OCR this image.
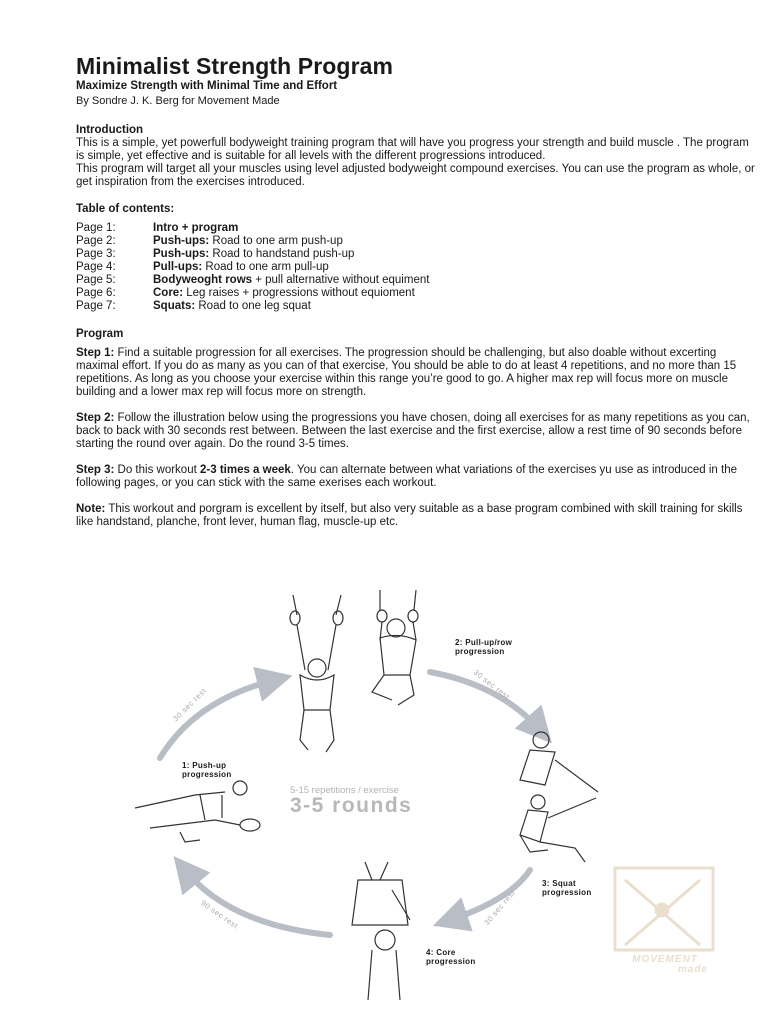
Minimalist Strength Program
Maximize Strength with Minimal Time and Effort
By Sondre J. K. Berg for Movement Made
Introduction

This is a simple, yet powerfull bodyweight training program that will have you progress your strength and build muscle . The program is simple, yet effective and is suitable for all levels with the different progressions introduced.

This program will target all your muscles using level adjusted bodyweight compound exercises. You can use the program as whole, or get inspiration from the exercises introduced.

Table of contents:
Page 1:	Intro + program
Page 2:	Push-ups: Road to one arm push-up
Page 3:	Push-ups: Road to handstand push-up
Page 4:	Pull-ups: Road to one arm pull-up
Page 5:	Bodyweoght rows + pull alternative without equiment
Page 6:	Core: Leg raises + progressions without equioment
Page 7:	Squats: Road to one leg squat
Program

Step 1: Find a suitable progression for all exercises. The progression should be challenging, but also doable without excerting maximal effort. If you do as many as you can of that exercise, You should be able to do at least 4 repetitions, and no more than 15 repetitions. As long as you choose your exercise within this range you’re good to go. A higher max rep will focus more on muscle building and a lower max rep will focus more on strength.

Step 2: Follow the illustration below using the progressions you have chosen, doing all exercises for as many repetitions as you can, back to back with 30 seconds rest between. Between the last exercise and the first exercise, allow a rest time of 90 seconds before starting the round over again. Do the round 3-5 times.

Step 3: Do this workout 2-3 times a week. You can alternate between what variations of the exercises yu use as introduced in the following pages, or you can stick with the same exerises each workout.

Note: This workout and porgram is excellent by itself, but also very suitable as a base program combined with skill training for skills like handstand, planche, front lever, human flag, muscle-up etc.

1: Push-up
progression
2: Pull-up/row
progression
3: Squat
progression
4: Core
progression
30 sec rest
30 sec rest
30 sec rest
90 sec rest
5-15 repetitions / exercise
3-5 rounds
MOVEMENT
made
